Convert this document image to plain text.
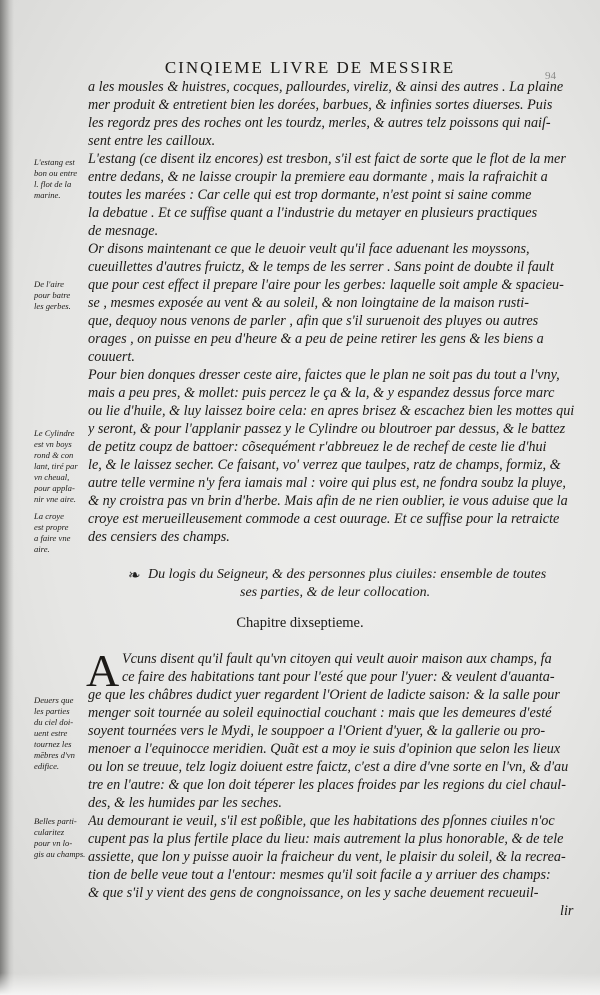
CINQIEME LIVRE DE MESSIRE	94
a les mousles & huistres, cocques, pallourdes, vireliz, & ainsi des autres . La plaine
mer produit & entretient bien les dorées, barbues, & infinies sortes diuerses. Puis
les regordz pres des roches ont les tourdz, merles, & autres telz poissons qui naiſ-
sent entre les cailloux.
L'estang (ce disent ilz encores) est tresbon, s'il est faict de sorte que le flot de la mer
entre dedans, & ne laisse croupir la premiere eau dormante , mais la rafraichit a
toutes les marées : Car celle qui est trop dormante, n'est point si saine comme
la debatue . Et ce suffise quant a l'industrie du metayer en plusieurs practiques
de mesnage.
Or disons maintenant ce que le deuoir veult qu'il face aduenant les moyssons,
cueuillettes d'autres fruictz, & le temps de les serrer . Sans point de doubte il fault
que pour cest effect il prepare l'aire pour les gerbes: laquelle soit ample & spacieu-
se , mesmes exposée au vent & au soleil, & non loingtaine de la maison rusti-
que, dequoy nous venons de parler , afin que s'il suruenoit des pluyes ou autres
orages , on puisse en peu d'heure & a peu de peine retirer les gens & les biens a
couuert.
Pour bien donques dresser ceste aire, faictes que le plan ne soit pas du tout a l'vny,
mais a peu pres, & mollet: puis percez le ça & la, & y espandez dessus force marc
ou lie d'huile, & luy laissez boire cela: en apres brisez & escachez bien les mottes qui
y seront, & pour l'applanir passez y le Cylindre ou bloutroer par dessus, & le battez
de petitz coupz de battoer: cõsequément r'abbreuez le de rechef de ceste lie d'hui
le, & le laissez secher. Ce faisant, vo' verrez que taulpes, ratz de champs, formiz, &
autre telle vermine n'y fera iamais mal : voire qui plus est, ne fondra soubz la pluye,
& ny croistra pas vn brin d'herbe. Mais afin de ne rien oublier, ie vous aduise que la
croye est merueilleusement commode a cest ouurage. Et ce suffise pour la retraicte
des censiers des champs.
❧ Du logis du Seigneur, & des personnes plus ciuiles: ensemble de toutes
ses parties, & de leur collocation.
Chapitre dixseptieme.
A Vcuns disent qu'il fault qu'vn citoyen qui veult auoir maison aux champs, fa
ce faire des habitations tant pour l'esté que pour l'yuer: & veulent d'auanta-
ge que les châbres dudict yuer regardent l'Orient de ladicte saison: & la salle pour
menger soit tournée au soleil equinoctial couchant : mais que les demeures d'esté
soyent tournées vers le Mydi, le souppoer a l'Orient d'yuer, & la gallerie ou pro-
menoer a l'equinocce meridien. Quãt est a moy ie suis d'opinion que selon les lieux
ou lon se treuue, telz logiz doiuent estre faictz, c'est a dire d'vne sorte en l'vn, & d'au
tre en l'autre: & que lon doit téperer les places froides par les regions du ciel chaul-
des, & les humides par les seches.
Au demourant ie veuil, s'il est poßible, que les habitations des pſonnes ciuiles n'oc
cupent pas la plus fertile place du lieu: mais autrement la plus honorable, & de tele
assiette, que lon y puisse auoir la fraicheur du vent, le plaisir du soleil, & la recrea-
tion de belle veue tout a l'entour: mesmes qu'il soit facile a y arriuer des champs:
& que s'il y vient des gens de congnoissance, on les y sache deuement recueuil-
lir
L'estang est
bon ou entre
l. flot de la
marine.
De l'aire
pour batre
les gerbes.
Le Cylindre
est vn boys
rond & con
lant, tiré par
vn cheual,
pour appla-
nir vne aire.
La croye
est propre
a faire vne
aire.
Deuers que
les parties
du ciel doi-
uent estre
tournez les
mēbres d'vn
edifice.
Belles parti-
cularitez
pour vn lo-
gis au champs.
